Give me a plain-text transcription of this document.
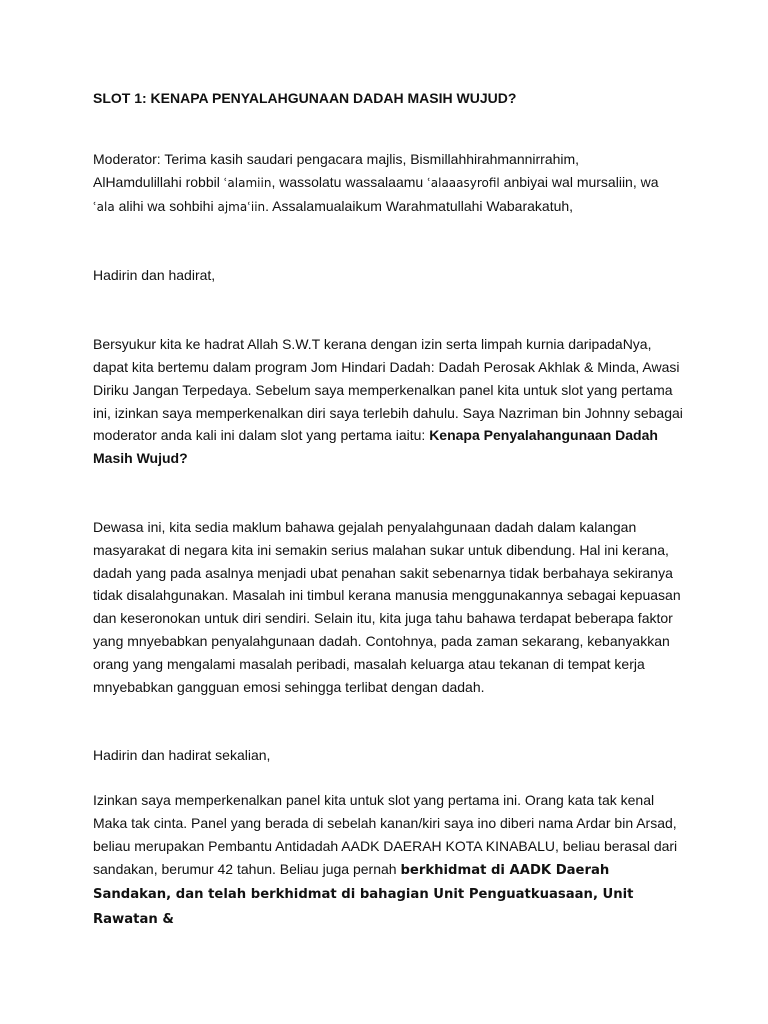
SLOT 1: KENAPA PENYALAHGUNAAN DADAH MASIH WUJUD?

Moderator: Terima kasih saudari pengacara majlis, Bismillahhirahmannirrahim,
AlHamdulillahi robbil ʿalamiin, wassolatu wassalaamu ʿalaaasyrofil anbiyai wal mursaliin, wa
ʿala alihi wa sohbihi ajmaʿiin. Assalamualaikum Warahmatullahi Wabarakatuh,

Hadirin dan hadirat,

Bersyukur kita ke hadrat Allah S.W.T kerana dengan izin serta limpah kurnia daripadaNya, dapat kita bertemu dalam program Jom Hindari Dadah: Dadah Perosak Akhlak & Minda, Awasi Diriku Jangan Terpedaya. Sebelum saya memperkenalkan panel kita untuk slot yang pertama ini, izinkan saya memperkenalkan diri saya terlebih dahulu. Saya Nazriman bin Johnny sebagai moderator anda kali ini dalam slot yang pertama iaitu: Kenapa Penyalahangunaan Dadah Masih Wujud?

Dewasa ini, kita sedia maklum bahawa gejalah penyalahgunaan dadah dalam kalangan masyarakat di negara kita ini semakin serius malahan sukar untuk dibendung. Hal ini kerana, dadah yang pada asalnya menjadi ubat penahan sakit sebenarnya tidak berbahaya sekiranya tidak disalahgunakan. Masalah ini timbul kerana manusia menggunakannya sebagai kepuasan dan keseronokan untuk diri sendiri. Selain itu, kita juga tahu bahawa terdapat beberapa faktor yang mnyebabkan penyalahgunaan dadah. Contohnya, pada zaman sekarang, kebanyakkan orang yang mengalami masalah peribadi, masalah keluarga atau tekanan di tempat kerja mnyebabkan gangguan emosi sehingga terlibat dengan dadah.

Hadirin dan hadirat sekalian,

Izinkan saya memperkenalkan panel kita untuk slot yang pertama ini. Orang kata tak kenal Maka tak cinta. Panel yang berada di sebelah kanan/kiri saya ino diberi nama Ardar bin Arsad, beliau merupakan Pembantu Antidadah AADK DAERAH KOTA KINABALU, beliau berasal dari sandakan, berumur 42 tahun. Beliau juga pernah berkhidmat di AADK Daerah Sandakan, dan telah berkhidmat di bahagian Unit Penguatkuasaan, Unit Rawatan &
